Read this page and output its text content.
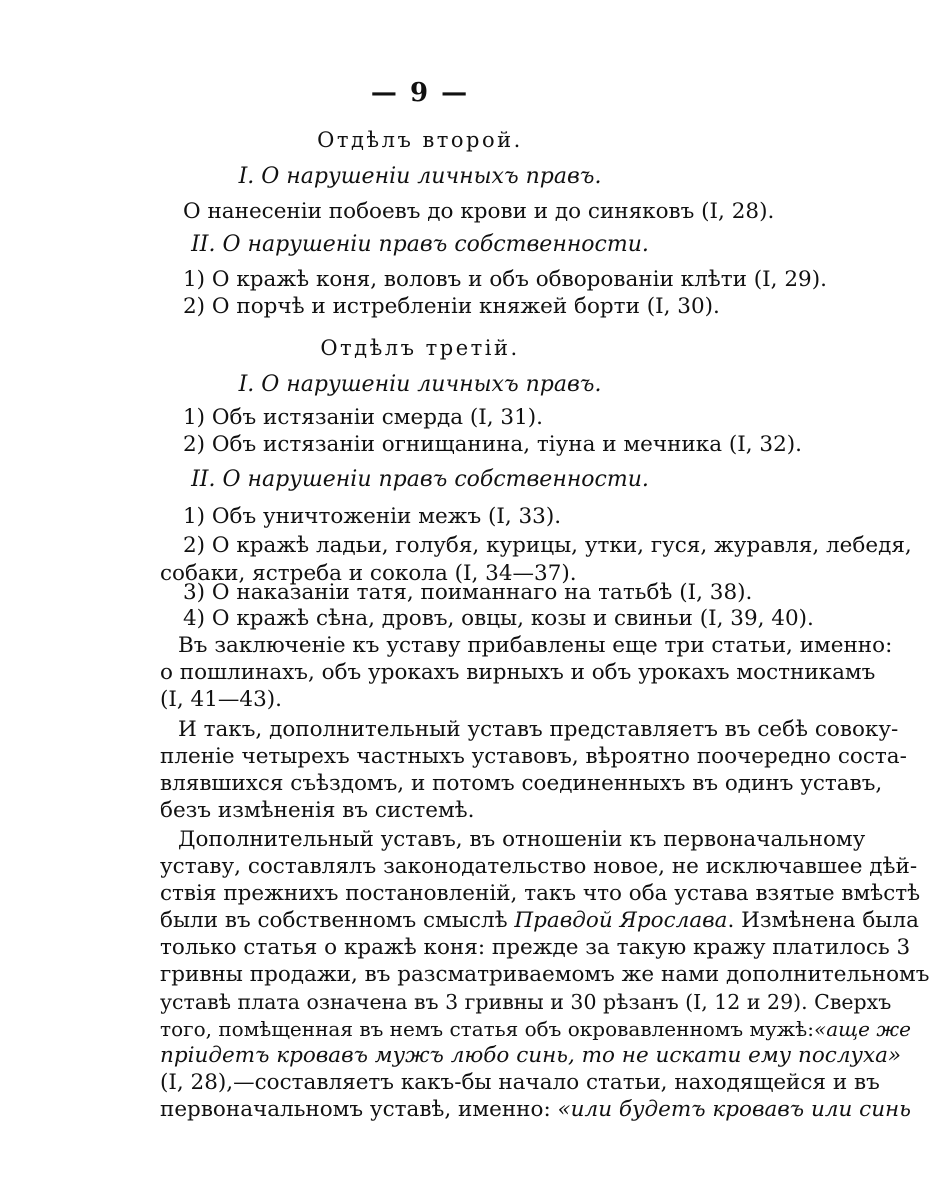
— 9 —
Отдѣлъ второй.
I. О нарушеніи личныхъ правъ.
О нанесеніи побоевъ до крови и до синяковъ (I, 28).
II. О нарушеніи правъ собственности.
1) О кражѣ коня, воловъ и объ обворованіи клѣти (I, 29).
2) О порчѣ и истребленіи княжей борти (I, 30).
Отдѣлъ третій.
I. О нарушеніи личныхъ правъ.
1) Объ истязаніи смерда (I, 31).
2) Объ истязаніи огнищанина, тіуна и мечника (I, 32).
II. О нарушеніи правъ собственности.
1) Объ уничтоженіи межъ (I, 33).
2) О кражѣ ладьи, голубя, курицы, утки, гуся, журавля, лебедя,
собаки, ястреба и сокола (I, 34—37).
3) О наказаніи татя, поиманнаго на татьбѣ (I, 38).
4) О кражѣ сѣна, дровъ, овцы, козы и свиньи (I, 39, 40).
Въ заключеніе къ уставу прибавлены еще три статьи, именно:
о пошлинахъ, объ урокахъ вирныхъ и объ урокахъ мостникамъ
(I, 41—43).
И такъ, дополнительный уставъ представляетъ въ себѣ совоку-
пленіе четырехъ частныхъ уставовъ, вѣроятно поочередно соста-
влявшихся съѣздомъ, и потомъ соединенныхъ въ одинъ уставъ,
безъ измѣненія въ системѣ.
Дополнительный уставъ, въ отношеніи къ первоначальному
уставу, составлялъ законодательство новое, не исключавшее дѣй-
ствія прежнихъ постановленій, такъ что оба устава взятые вмѣстѣ
были въ собственномъ смыслѣ Правдой Ярослава. Измѣнена была
только статья о кражѣ коня: прежде за такую кражу платилось 3
гривны продажи, въ разсматриваемомъ же нами дополнительномъ
уставѣ плата означена въ 3 гривны и 30 рѣзанъ (I, 12 и 29). Сверхъ
того, помѣщенная въ немъ статья объ окровавленномъ мужѣ:«аще же
пріидетъ кровавъ мужъ любо синь, то не искати ему послуха»
(I, 28),—составляетъ какъ-бы начало статьи, находящейся и въ
первоначальномъ уставѣ, именно: «или будетъ кровавъ или синь
